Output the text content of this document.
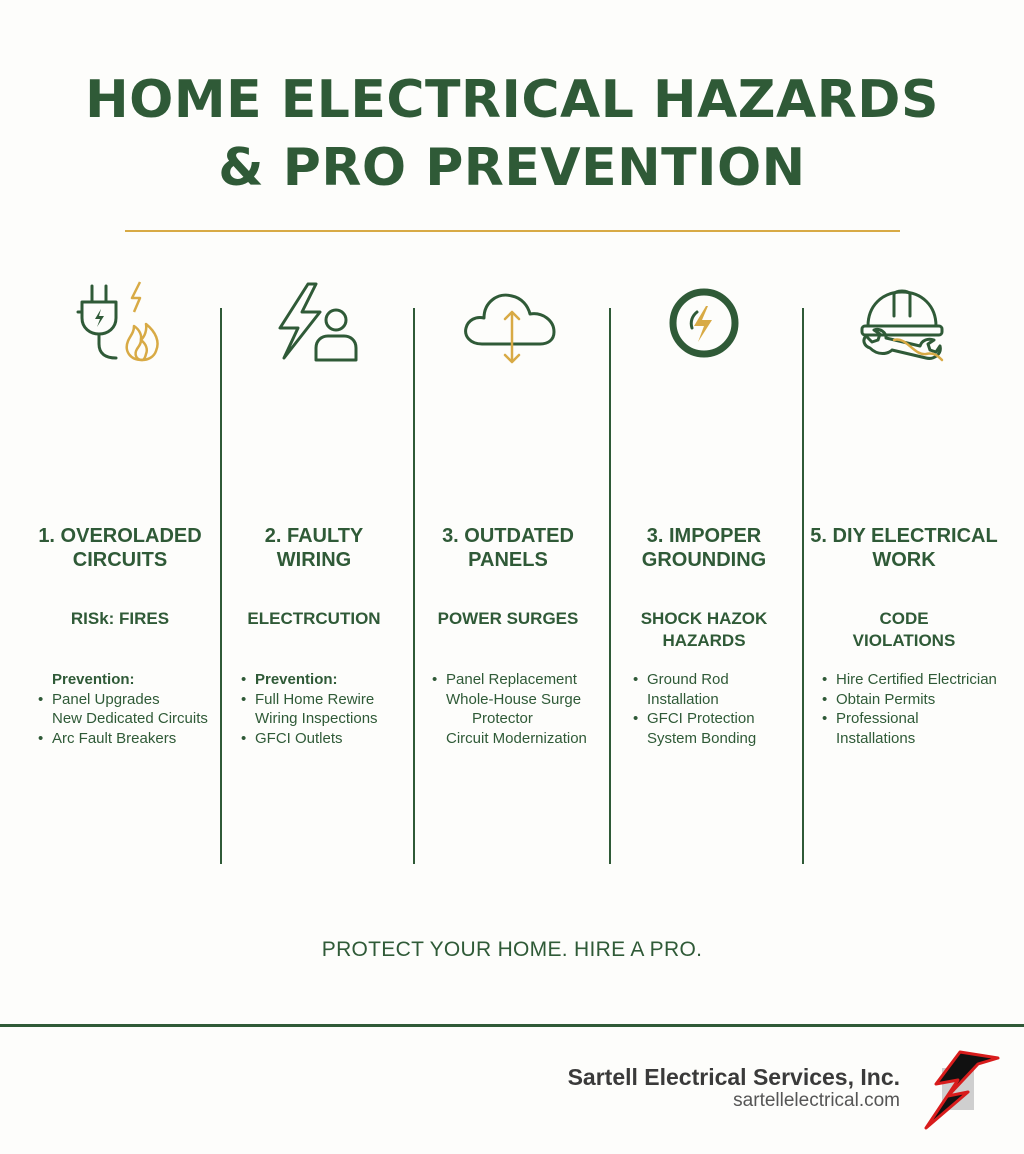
HOME ELECTRICAL HAZARDS
& PRO PREVENTION
1. OVEROLADED
CIRCUITS
RISk: FIRES
Prevention:
• Panel Upgrades
New Dedicated Circuits
• Arc Fault Breakers
2. FAULTY
WIRING
ELECTRCUTION
• Prevention:
• Full Home Rewire
Wiring Inspections
• GFCI Outlets
3. OUTDATED
PANELS
POWER SURGES
• Panel Replacement
Whole-House Surge
Protector
Circuit Modernization
3. IMPOPER
GROUNDING
SHOCK HAZOK
HAZARDS
• Ground Rod
Installation
• GFCI Protection
System Bonding
5. DIY ELECTRICAL
WORK
CODE
VIOLATIONS
• Hire Certified Electrician
• Obtain Permits
• Professional
Installations
PROTECT YOUR HOME. HIRE A PRO.
Sartell Electrical Services, Inc.
sartellelectrical.com
